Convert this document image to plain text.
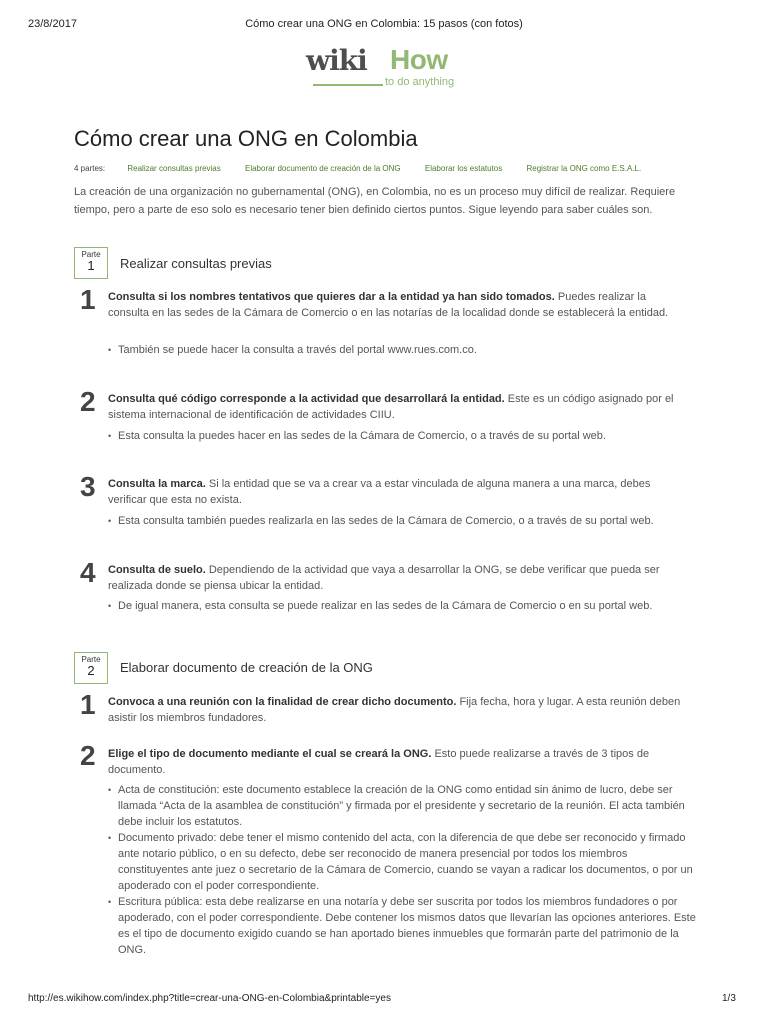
23/8/2017	Cómo crear una ONG en Colombia: 15 pasos (con fotos)
wiki How
to do anything
Cómo crear una ONG en Colombia
4 partes:	Realizar consultas previas	Elaborar documento de creación de la ONG	Elaborar los estatutos	Registrar la ONG como E.S.A.L.

La creación de una organización no gubernamental (ONG), en Colombia, no es un proceso muy difícil de realizar. Requiere tiempo, pero a parte de eso solo es necesario tener bien definido ciertos puntos. Sigue leyendo para saber cuáles son.

Parte
1	Realizar consultas previas
1 Consulta si los nombres tentativos que quieres dar a la entidad ya han sido tomados. Puedes realizar la consulta en las sedes de la Cámara de Comercio o en las notarías de la localidad donde se establecerá la entidad.

• También se puede hacer la consulta a través del portal www.rues.com.co.
2 Consulta qué código corresponde a la actividad que desarrollará la entidad. Este es un código asignado por el sistema internacional de identificación de actividades CIIU.

• Esta consulta la puedes hacer en las sedes de la Cámara de Comercio, o a través de su portal web.
3 Consulta la marca. Si la entidad que se va a crear va a estar vinculada de alguna manera a una marca, debes verificar que esta no exista.

• Esta consulta también puedes realizarla en las sedes de la Cámara de Comercio, o a través de su portal web.
4 Consulta de suelo. Dependiendo de la actividad que vaya a desarrollar la ONG, se debe verificar que pueda ser realizada donde se piensa ubicar la entidad.

• De igual manera, esta consulta se puede realizar en las sedes de la Cámara de Comercio o en su portal web.
Parte
2	Elaborar documento de creación de la ONG
1 Convoca a una reunión con la finalidad de crear dicho documento. Fija fecha, hora y lugar. A esta reunión deben asistir los miembros fundadores.

2 Elige el tipo de documento mediante el cual se creará la ONG. Esto puede realizarse a través de 3 tipos de documento.

• Acta de constitución: este documento establece la creación de la ONG como entidad sin ánimo de lucro, debe ser llamada “Acta de la asamblea de constitución” y firmada por el presidente y secretario de la reunión. El acta también debe incluir los estatutos.
• Documento privado: debe tener el mismo contenido del acta, con la diferencia de que debe ser reconocido y firmado ante notario público, o en su defecto, debe ser reconocido de manera presencial por todos los miembros constituyentes ante juez o secretario de la Cámara de Comercio, cuando se vayan a radicar los documentos, o por un apoderado con el poder correspondiente.
• Escritura pública: esta debe realizarse en una notaría y debe ser suscrita por todos los miembros fundadores o por apoderado, con el poder correspondiente. Debe contener los mismos datos que llevarían las opciones anteriores. Este es el tipo de documento exigido cuando se han aportado bienes inmuebles que formarán parte del patrimonio de la ONG.
http://es.wikihow.com/index.php?title=crear-una-ONG-en-Colombia&printable=yes	1/3
